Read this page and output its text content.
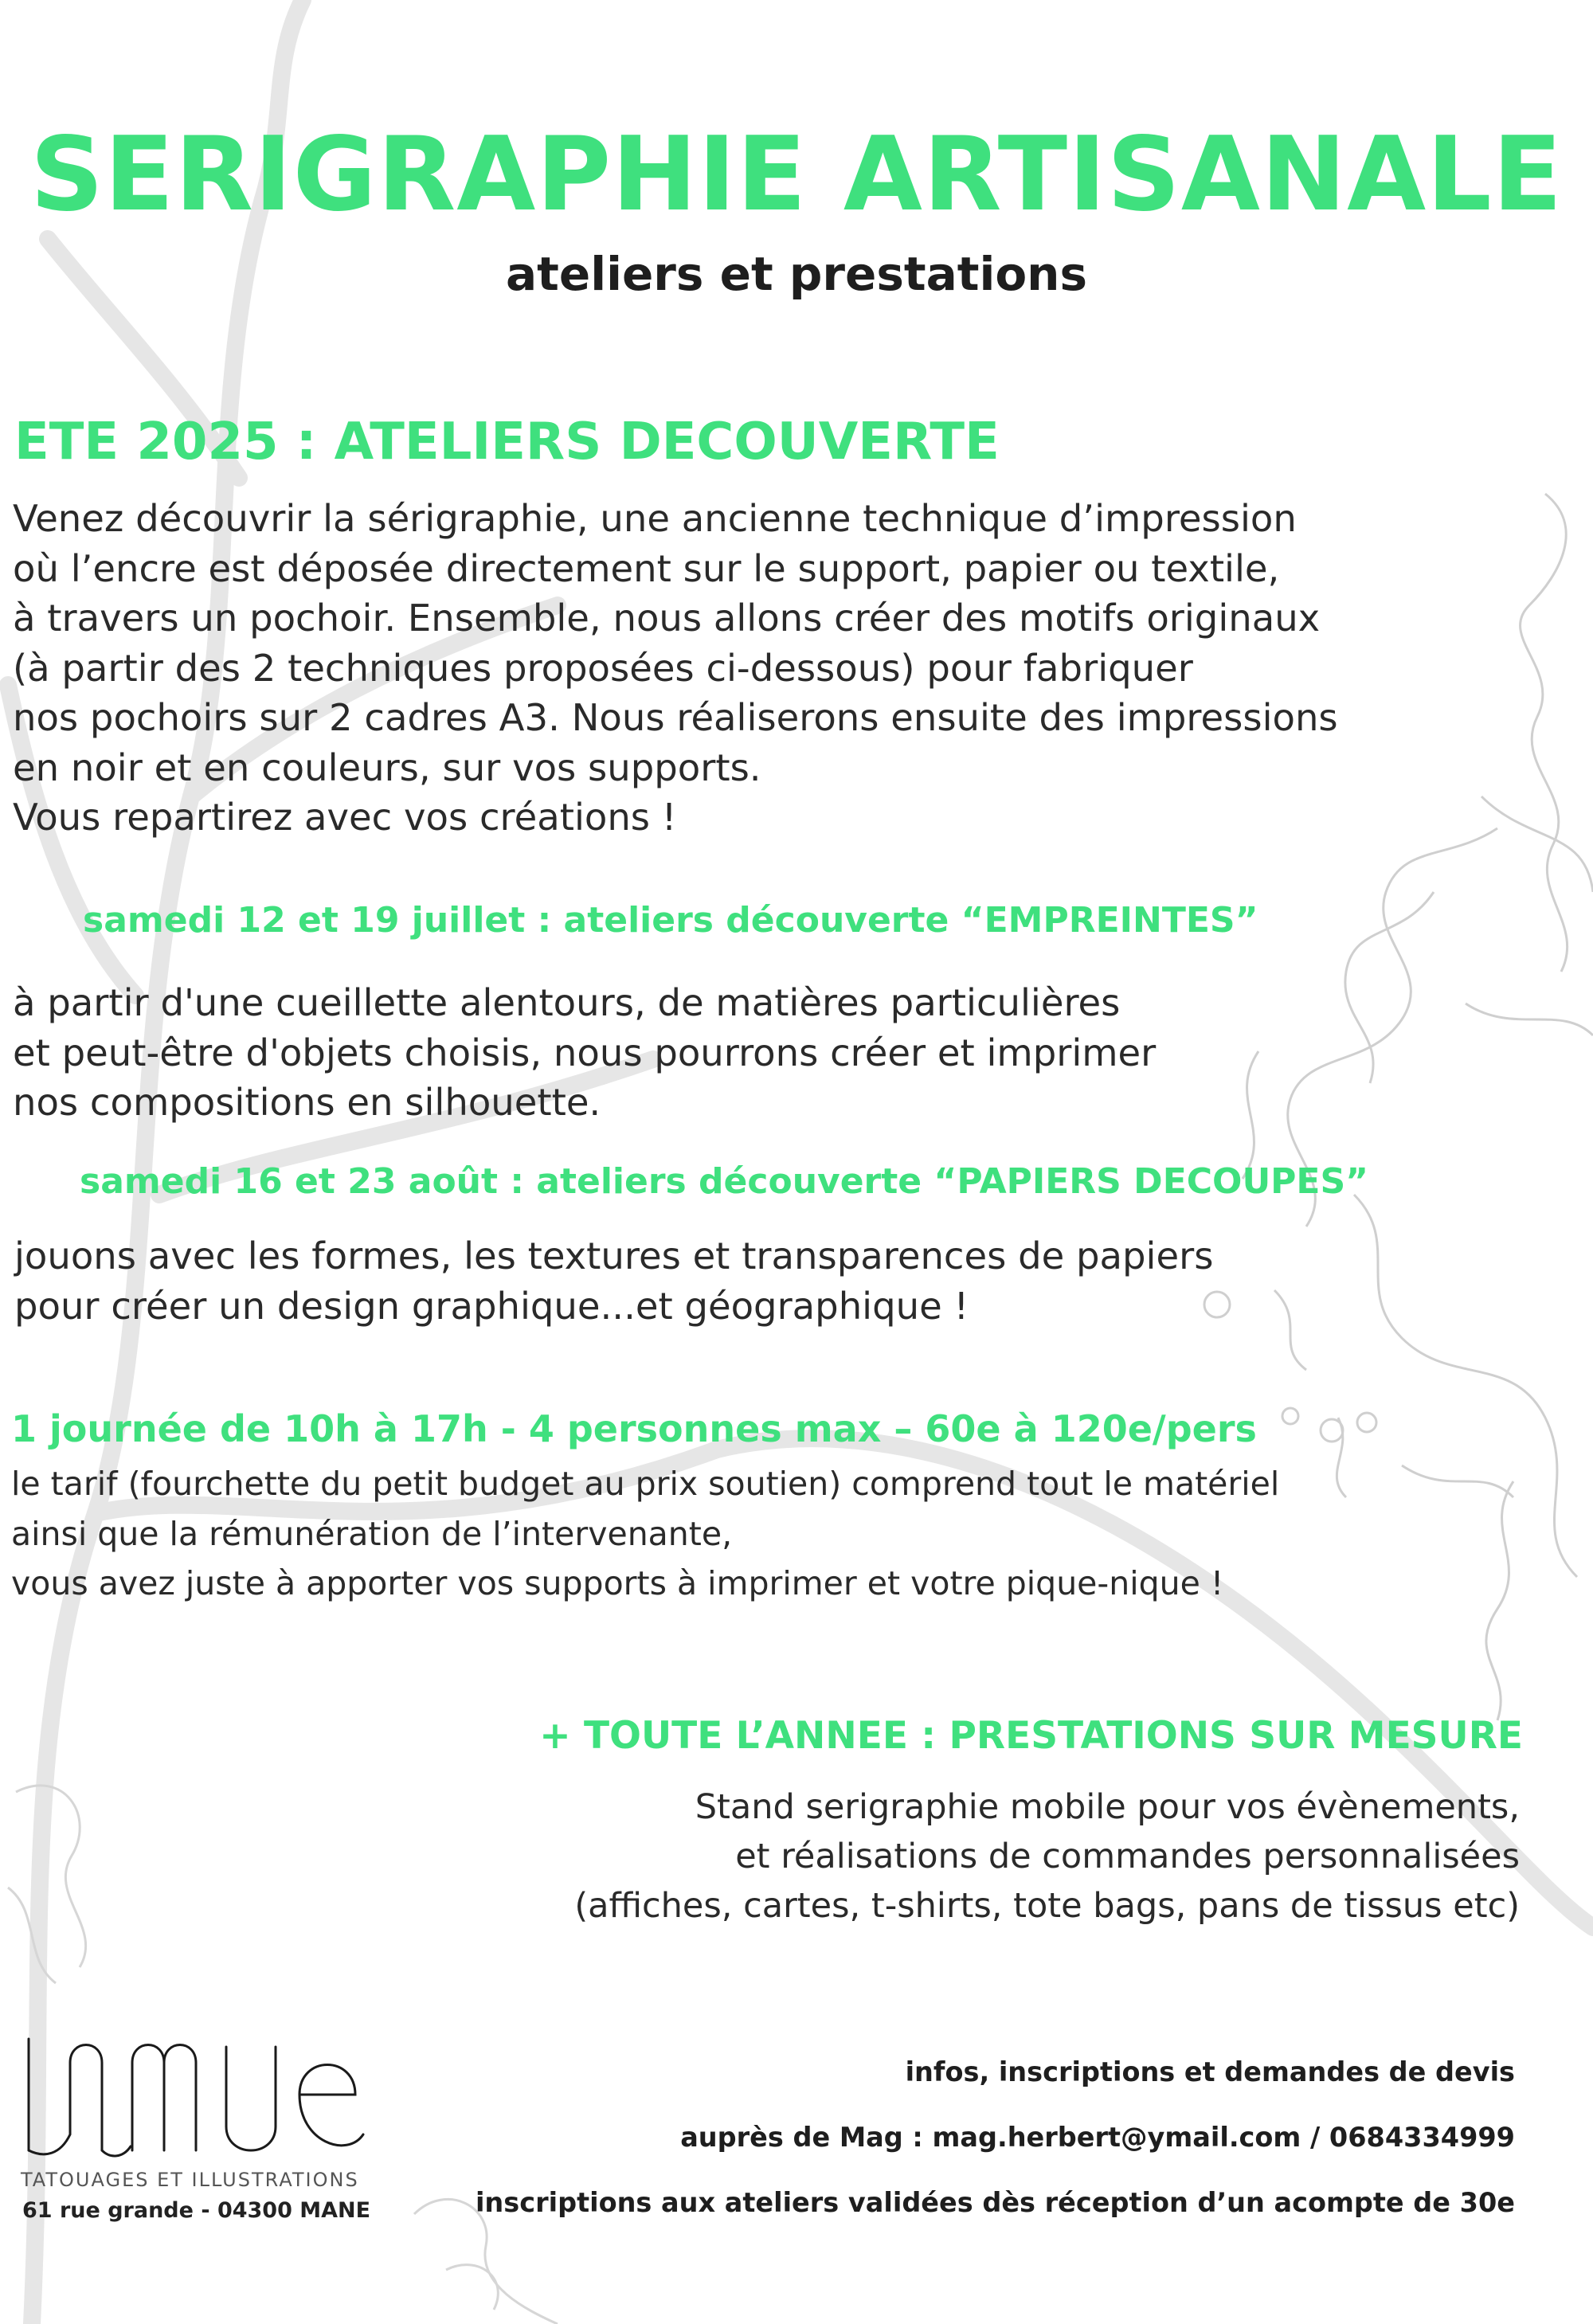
SERIGRAPHIE ARTISANALE
ateliers et prestations
ETE 2025 : ATELIERS DECOUVERTE
Venez découvrir la sérigraphie, une ancienne technique d’impression
où l’encre est déposée directement sur le support, papier ou textile,
à travers un pochoir. Ensemble, nous allons créer des motifs originaux
(à partir des 2 techniques proposées ci-dessous) pour fabriquer
nos pochoirs sur 2 cadres A3. Nous réaliserons ensuite des impressions
en noir et en couleurs, sur vos supports.
Vous repartirez avec vos créations !
samedi 12 et 19 juillet : ateliers découverte “EMPREINTES”
à partir d'une cueillette alentours, de matières particulières
et peut-être d'objets choisis, nous pourrons créer et imprimer
nos compositions en silhouette.
samedi 16 et 23 août : ateliers découverte “PAPIERS DECOUPES”
jouons avec les formes, les textures et transparences de papiers
pour créer un design graphique...et géographique !
1 journée de 10h à 17h - 4 personnes max – 60e à 120e/pers
le tarif (fourchette du petit budget au prix soutien) comprend tout le matériel
ainsi que la rémunération de l’intervenante,
vous avez juste à apporter vos supports à imprimer et votre pique-nique !
+ TOUTE L’ANNEE : PRESTATIONS SUR MESURE
Stand serigraphie mobile pour vos évènements,
et réalisations de commandes personnalisées
(affiches, cartes, t-shirts, tote bags, pans de tissus etc)
LAMUE
TATOUAGES ET ILLUSTRATIONS
61 rue grande - 04300 MANE
infos, inscriptions et demandes de devis
auprès de Mag : mag.herbert@ymail.com / 0684334999
inscriptions aux ateliers validées dès réception d’un acompte de 30e
